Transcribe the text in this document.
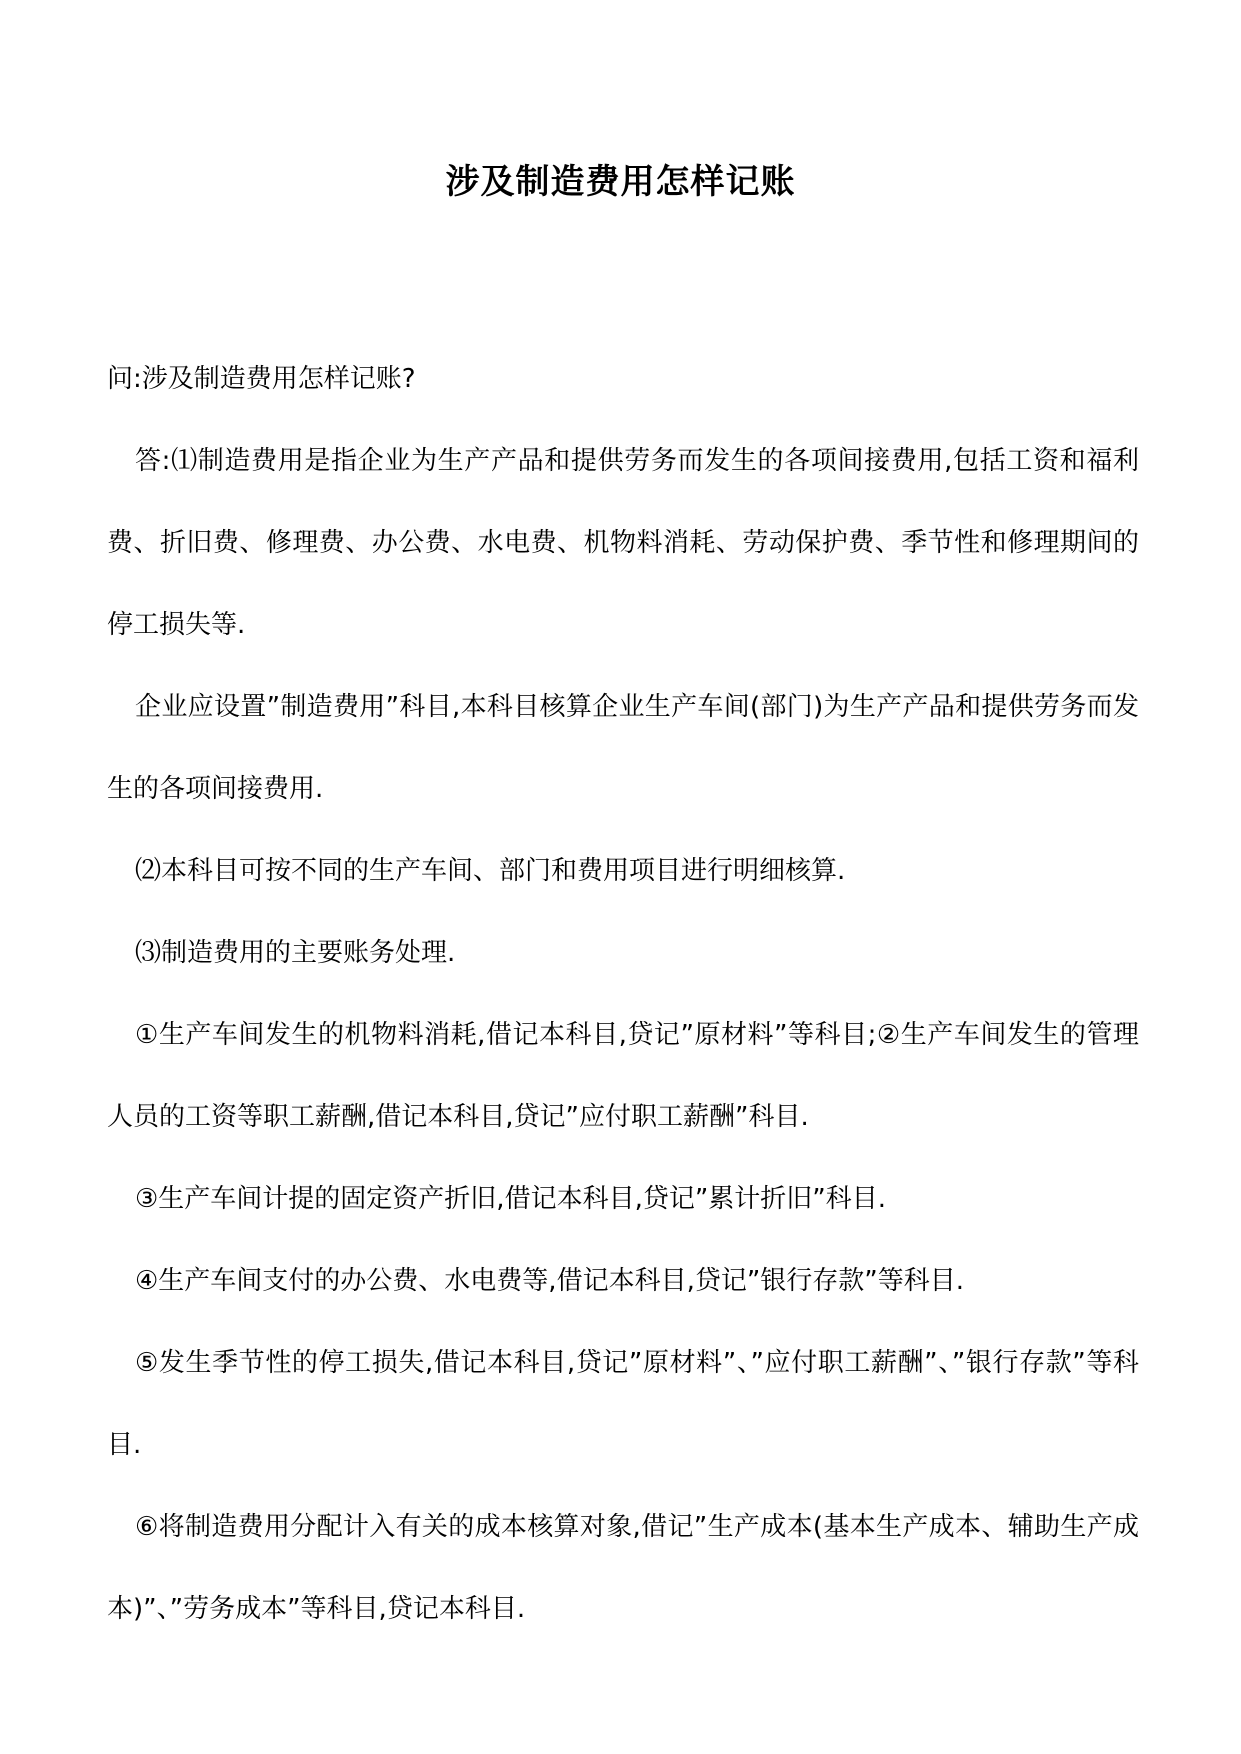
涉及制造费用怎样记账

问:涉及制造费用怎样记账?

答:⑴制造费用是指企业为生产产品和提供劳务而发生的各项间接费用,包括工资和福利费、折旧费、修理费、办公费、水电费、机物料消耗、劳动保护费、季节性和修理期间的停工损失等.

企业应设置”制造费用”科目,本科目核算企业生产车间(部门)为生产产品和提供劳务而发生的各项间接费用.

⑵本科目可按不同的生产车间、部门和费用项目进行明细核算.

⑶制造费用的主要账务处理.

①生产车间发生的机物料消耗,借记本科目,贷记”原材料”等科目;②生产车间发生的管理人员的工资等职工薪酬,借记本科目,贷记”应付职工薪酬”科目.

③生产车间计提的固定资产折旧,借记本科目,贷记”累计折旧”科目.

④生产车间支付的办公费、水电费等,借记本科目,贷记”银行存款”等科目.

⑤发生季节性的停工损失,借记本科目,贷记”原材料”、”应付职工薪酬”、”银行存款”等科目.

⑥将制造费用分配计入有关的成本核算对象,借记”生产成本(基本生产成本、辅助生产成本)”、”劳务成本”等科目,贷记本科目.
